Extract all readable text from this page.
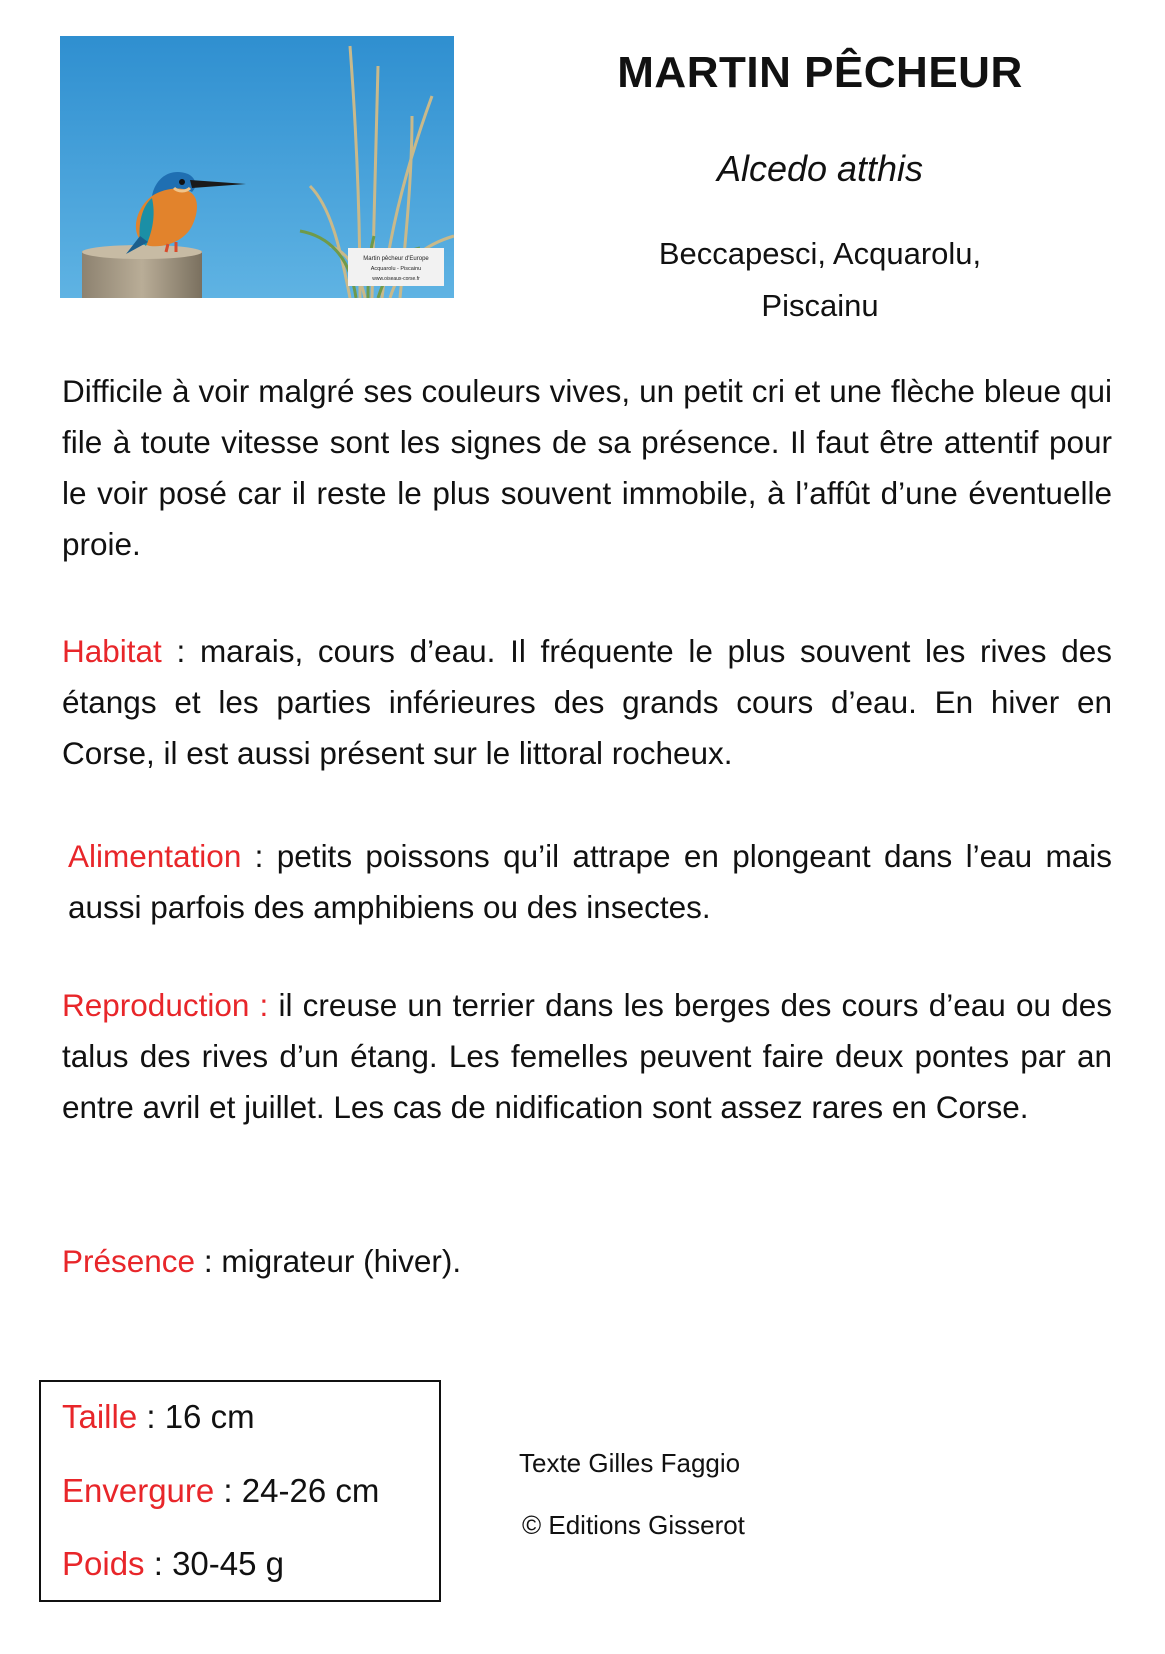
Martin pêcheur d'Europe
Acquarolu - Piscainu
www.oiseaux-corse.fr
MARTIN PÊCHEUR
Alcedo atthis
Beccapesci, Acquarolu,
Piscainu
Difficile à voir malgré ses couleurs vives, un petit cri et une flèche bleue qui file à toute vitesse sont les signes de sa présence. Il faut être attentif pour le voir posé car il reste le plus souvent immobile, à l’affût d’une éventuelle proie.
Habitat : marais, cours d’eau. Il fréquente le plus souvent les rives des étangs et les parties inférieures des grands cours d’eau. En hiver en Corse, il est aussi présent sur le littoral rocheux.
Alimentation : petits poissons qu’il attrape en plongeant dans l’eau mais aussi parfois des amphibiens ou des insectes.
Reproduction : il creuse un terrier dans les berges des cours d’eau ou des talus des rives d’un étang. Les femelles peuvent faire deux pontes par an entre avril et juillet. Les cas de nidification sont assez rares en Corse.
Présence : migrateur (hiver).
Taille : 16 cm
Envergure : 24-26 cm
Poids : 30-45 g
Texte Gilles Faggio
© Editions Gisserot
